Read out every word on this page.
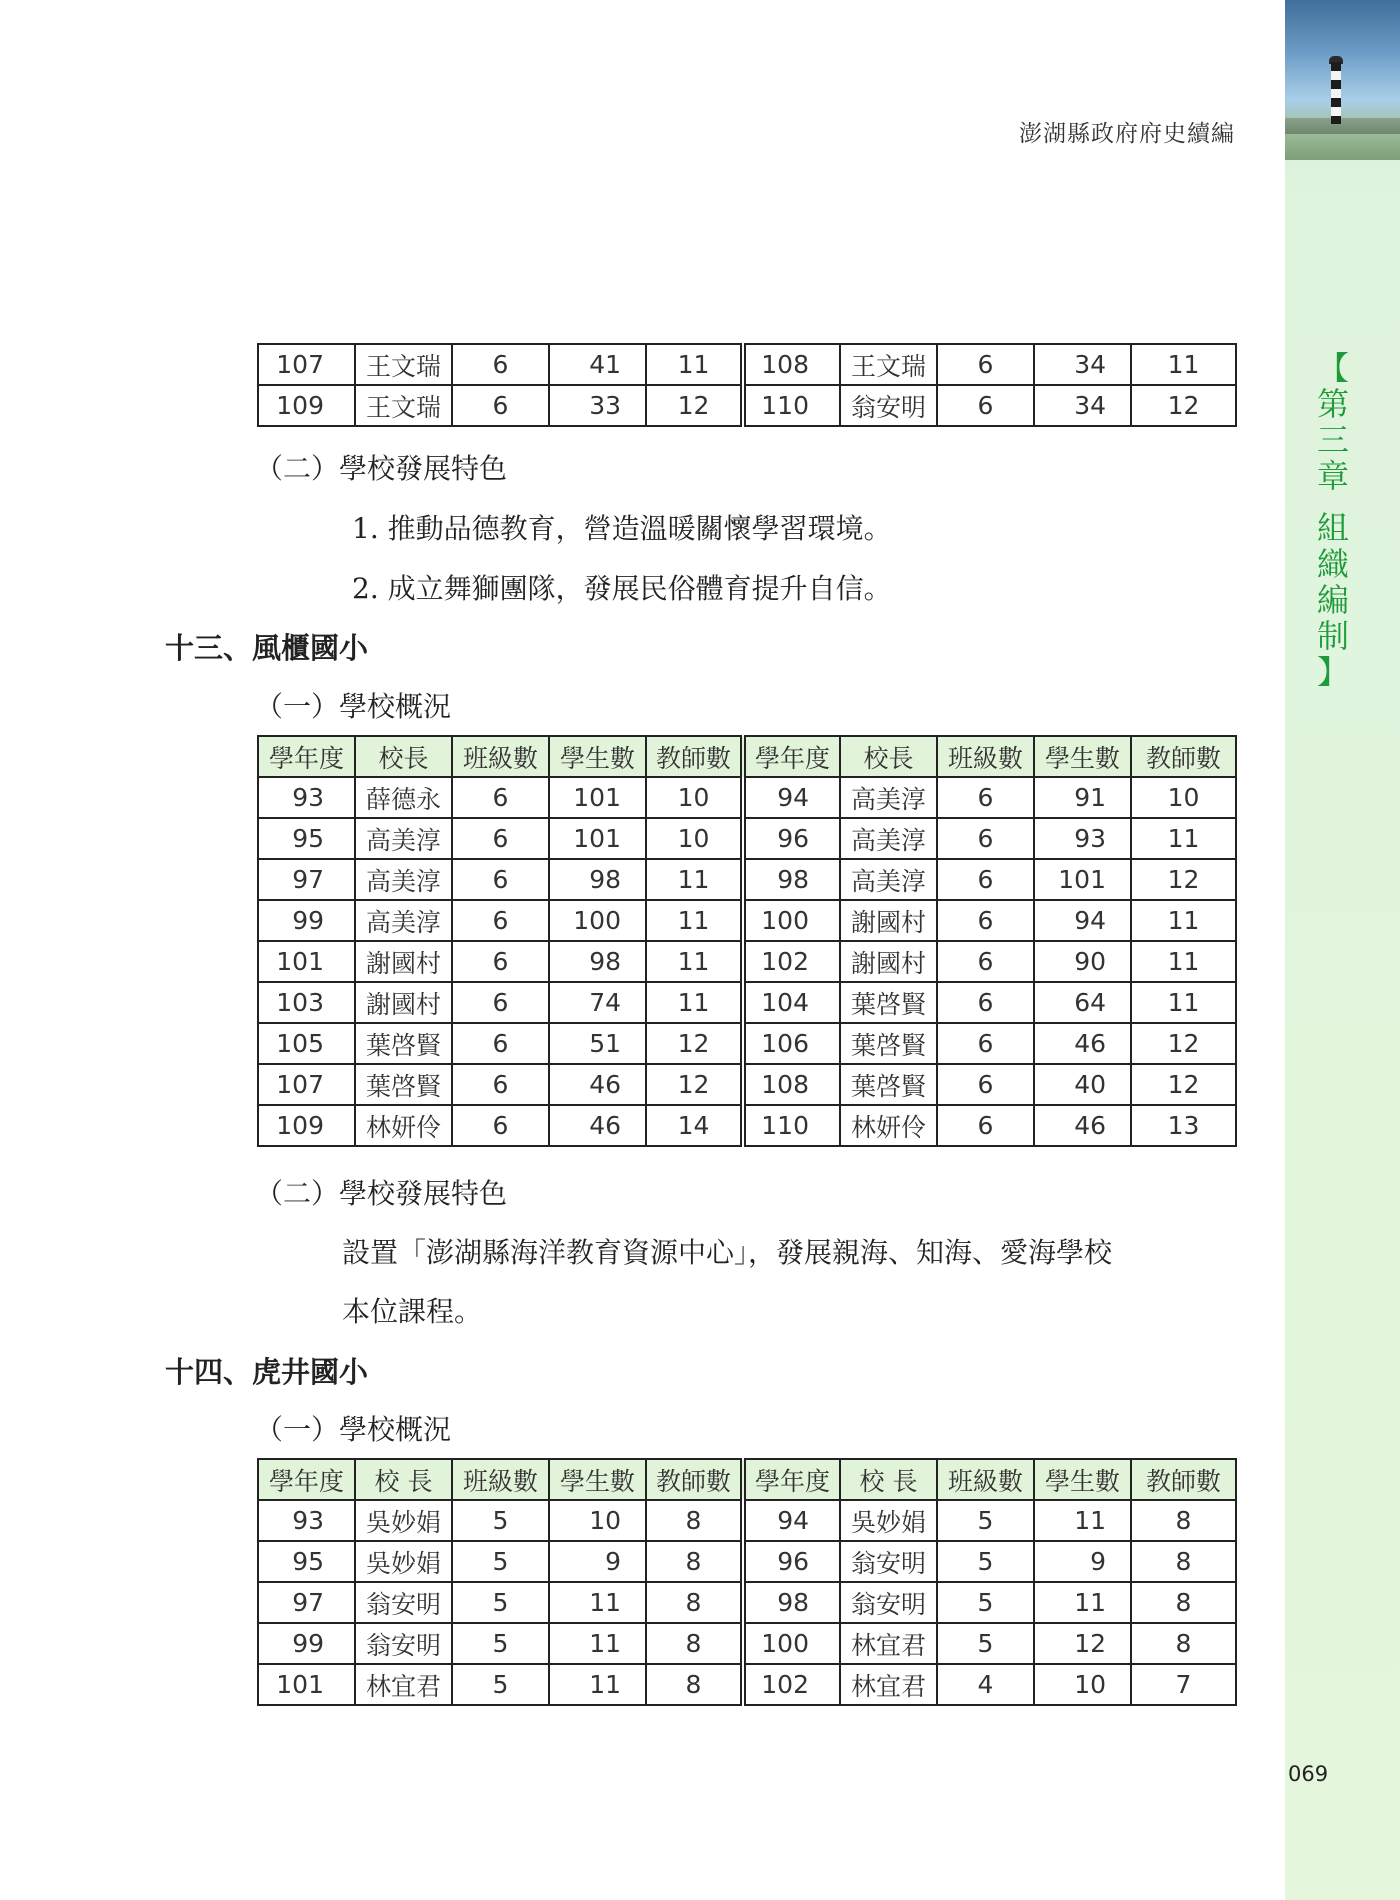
【
第
三
章
組
織
編
制
】
澎湖縣政府府史續編
107	王文瑞	6	41	11	108	王文瑞	6	34	11
109	王文瑞	6	33	12	110	翁安明	6	34	12
（二）學校發展特色
1. 推動品德教育，營造溫暖關懷學習環境。
2. 成立舞獅團隊，發展民俗體育提升自信。
十三、風櫃國小
（一）學校概況
學年度	校長	班級數	學生數	教師數	學年度	校長	班級數	學生數	教師數
93	薛德永	6	101	10	94	高美淳	6	91	10
95	高美淳	6	101	10	96	高美淳	6	93	11
97	高美淳	6	98	11	98	高美淳	6	101	12
99	高美淳	6	100	11	100	謝國村	6	94	11
101	謝國村	6	98	11	102	謝國村	6	90	11
103	謝國村	6	74	11	104	葉啓賢	6	64	11
105	葉啓賢	6	51	12	106	葉啓賢	6	46	12
107	葉啓賢	6	46	12	108	葉啓賢	6	40	12
109	林妍伶	6	46	14	110	林妍伶	6	46	13
（二）學校發展特色
設置「澎湖縣海洋教育資源中心」，發展親海、知海、愛海學校
本位課程。
十四、虎井國小
（一）學校概況
學年度	校 長	班級數	學生數	教師數	學年度	校 長	班級數	學生數	教師數
93	吳妙娟	5	10	8	94	吳妙娟	5	11	8
95	吳妙娟	5	9	8	96	翁安明	5	9	8
97	翁安明	5	11	8	98	翁安明	5	11	8
99	翁安明	5	11	8	100	林宜君	5	12	8
101	林宜君	5	11	8	102	林宜君	4	10	7
069
